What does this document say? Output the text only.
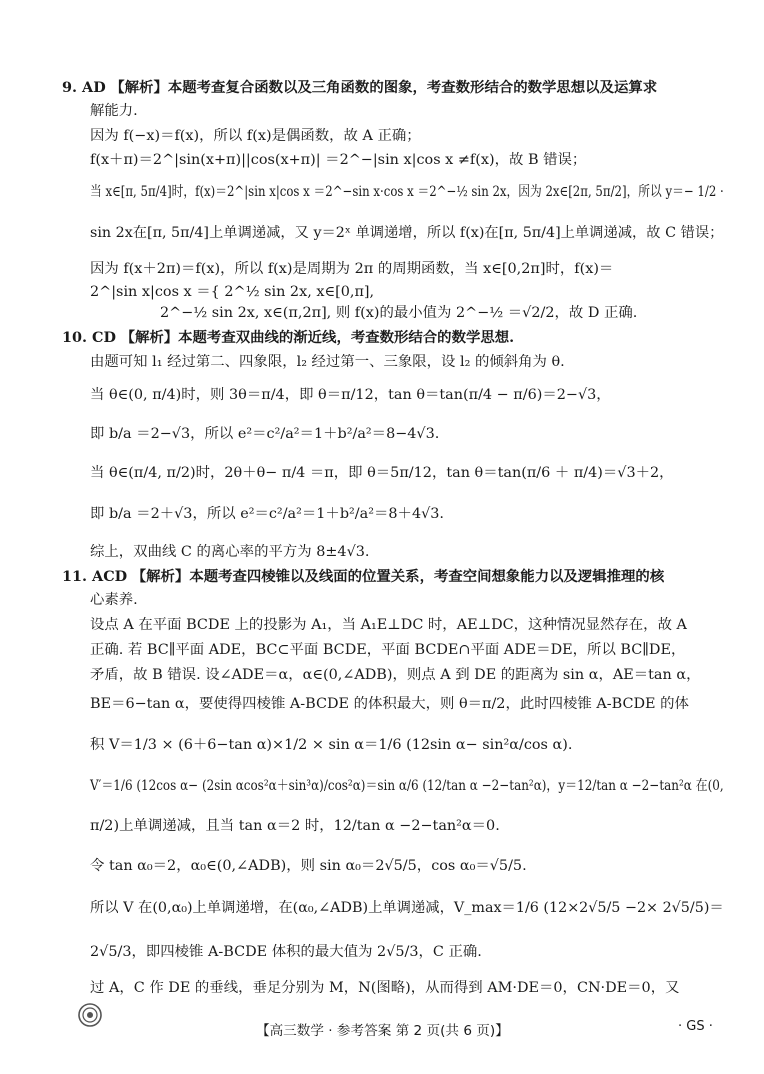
9. AD 【解析】本题考查复合函数以及三角函数的图象，考查数形结合的数学思想以及运算求
解能力.
因为 f(−x)＝f(x)，所以 f(x)是偶函数，故 A 正确；
f(x＋π)＝2^|sin(x+π)||cos(x+π)| ＝2^−|sin x|cos x ≠f(x)，故 B 错误；
当 x∈[π, 5π/4]时，f(x)＝2^|sin x|cos x ＝2^−sin x·cos x ＝2^−½ sin 2x，因为 2x∈[2π, 5π/2]，所以 y＝− 1/2 ·
sin 2x在[π, 5π/4]上单调递减，又 y＝2ˣ 单调递增，所以 f(x)在[π, 5π/4]上单调递减，故 C 错误；
因为 f(x＋2π)＝f(x)，所以 f(x)是周期为 2π 的周期函数，当 x∈[0,2π]时，f(x)＝
2^|sin x|cos x ＝{ 2^½ sin 2x, x∈[0,π],
2^−½ sin 2x, x∈(π,2π], 则 f(x)的最小值为 2^−½ ＝√2/2，故 D 正确.
10. CD 【解析】本题考查双曲线的渐近线，考查数形结合的数学思想.
由题可知 l₁ 经过第二、四象限，l₂ 经过第一、三象限，设 l₂ 的倾斜角为 θ.
当 θ∈(0, π/4)时，则 3θ＝π/4，即 θ＝π/12，tan θ＝tan(π/4 − π/6)＝2−√3，
即 b/a ＝2−√3，所以 e²＝c²/a²＝1＋b²/a²＝8−4√3.
当 θ∈(π/4, π/2)时，2θ＋θ− π/4 ＝π，即 θ＝5π/12，tan θ＝tan(π/6 ＋ π/4)＝√3＋2，
即 b/a ＝2＋√3，所以 e²＝c²/a²＝1＋b²/a²＝8＋4√3.
综上，双曲线 C 的离心率的平方为 8±4√3.
11. ACD 【解析】本题考查四棱锥以及线面的位置关系，考查空间想象能力以及逻辑推理的核
心素养.
设点 A 在平面 BCDE 上的投影为 A₁，当 A₁E⊥DC 时，AE⊥DC，这种情况显然存在，故 A
正确. 若 BC∥平面 ADE，BC⊂平面 BCDE，平面 BCDE∩平面 ADE＝DE，所以 BC∥DE，
矛盾，故 B 错误. 设∠ADE＝α，α∈(0,∠ADB)，则点 A 到 DE 的距离为 sin α，AE＝tan α，
BE＝6−tan α，要使得四棱锥 A-BCDE 的体积最大，则 θ＝π/2，此时四棱锥 A-BCDE 的体
积 V＝1/3 × (6＋6−tan α)×1/2 × sin α＝1/6 (12sin α− sin²α/cos α).
V′＝1/6 (12cos α− (2sin αcos²α＋sin³α)/cos²α)＝sin α/6 (12/tan α −2−tan²α)，y＝12/tan α −2−tan²α 在(0,
π/2)上单调递减，且当 tan α＝2 时，12/tan α −2−tan²α＝0.
令 tan α₀＝2，α₀∈(0,∠ADB)，则 sin α₀＝2√5/5，cos α₀＝√5/5.
所以 V 在(0,α₀)上单调递增，在(α₀,∠ADB)上单调递减，V_max＝1/6 (12×2√5/5 −2× 2√5/5)＝
2√5/3，即四棱锥 A-BCDE 体积的最大值为 2√5/3，C 正确.
过 A，C 作 DE 的垂线，垂足分别为 M，N(图略)，从而得到 AM·DE＝0，CN·DE＝0，又
【高三数学 · 参考答案 第 2 页(共 6 页)】	· GS ·
